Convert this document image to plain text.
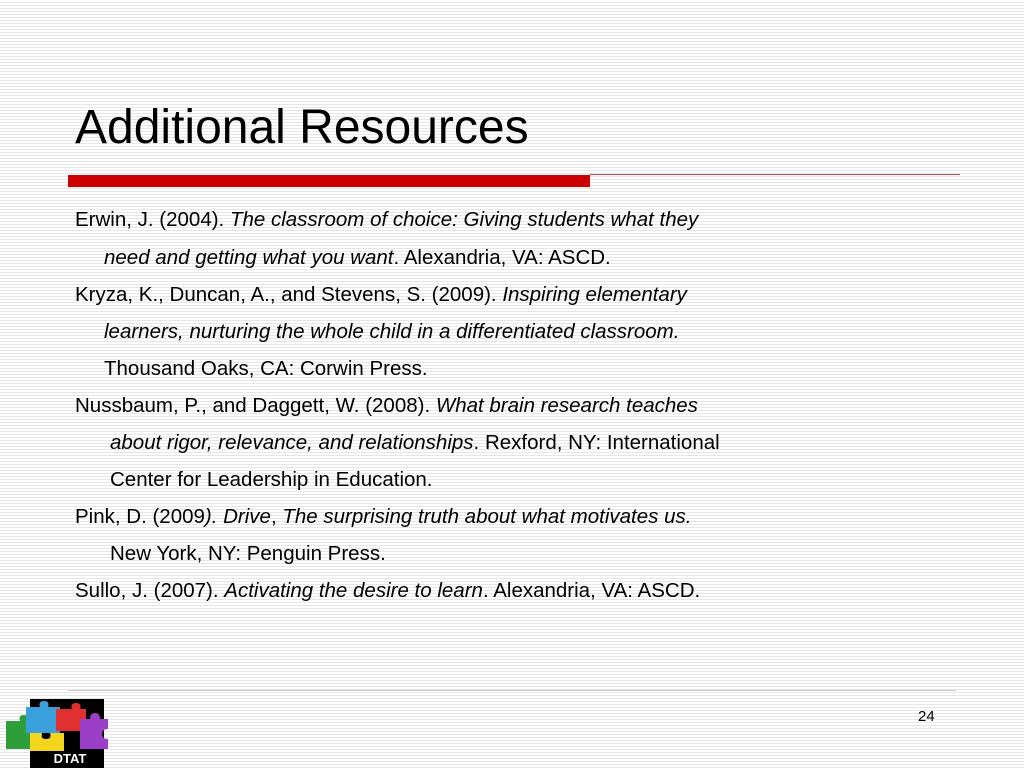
Additional Resources
Erwin, J. (2004). The classroom of choice: Giving students what they
need and getting what you want. Alexandria, VA: ASCD.
Kryza, K., Duncan, A., and Stevens, S. (2009). Inspiring elementary
learners, nurturing the whole child in a differentiated classroom.
Thousand Oaks, CA: Corwin Press.
Nussbaum, P., and Daggett, W. (2008). What brain research teaches
about rigor, relevance, and relationships. Rexford, NY: International
Center for Leadership in Education.
Pink, D. (2009). Drive, The surprising truth about what motivates us.
New York, NY: Penguin Press.
Sullo, J. (2007). Activating the desire to learn. Alexandria, VA: ASCD.
24
DTAT
